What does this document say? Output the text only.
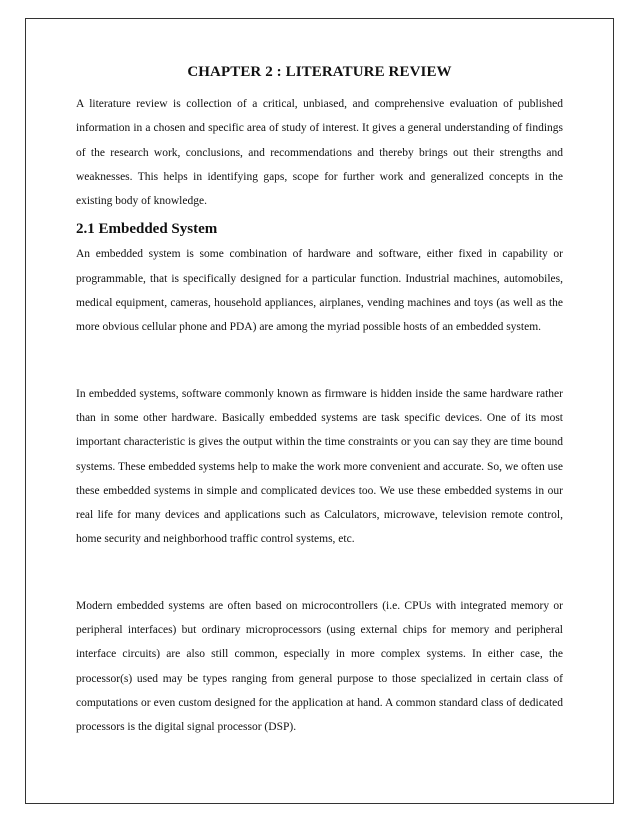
CHAPTER 2 : LITERATURE REVIEW

A literature review is collection of a critical, unbiased, and comprehensive evaluation of published information in a chosen and specific area of study of interest. It gives a general understanding of findings of the research work, conclusions, and recommendations and thereby brings out their strengths and weaknesses. This helps in identifying gaps, scope for further work and generalized concepts in the existing body of knowledge.

2.1 Embedded System

An embedded system is some combination of hardware and software, either fixed in capability or programmable, that is specifically designed for a particular function. Industrial machines, automobiles, medical equipment, cameras, household appliances, airplanes, vending machines and toys (as well as the more obvious cellular phone and PDA) are among the myriad possible hosts of an embedded system.

In embedded systems, software commonly known as firmware is hidden inside the same hardware rather than in some other hardware. Basically embedded systems are task specific devices. One of its most important characteristic is gives the output within the time constraints or you can say they are time bound systems. These embedded systems help to make the work more convenient and accurate. So, we often use these embedded systems in simple and complicated devices too. We use these embedded systems in our real life for many devices and applications such as Calculators, microwave, television remote control, home security and neighborhood traffic control systems, etc.

Modern embedded systems are often based on microcontrollers (i.e. CPUs with integrated memory or peripheral interfaces) but ordinary microprocessors (using external chips for memory and peripheral interface circuits) are also still common, especially in more complex systems. In either case, the processor(s) used may be types ranging from general purpose to those specialized in certain class of computations or even custom designed for the application at hand. A common standard class of dedicated processors is the digital signal processor (DSP).
